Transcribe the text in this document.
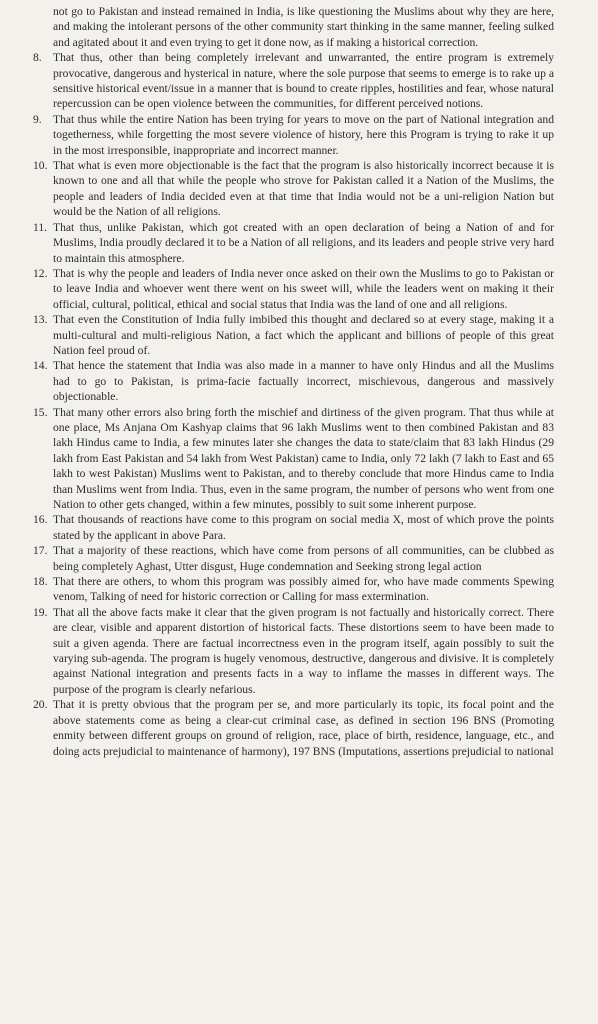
not go to Pakistan and instead remained in India, is like questioning the Muslims about why they are here, and making the intolerant persons of the other community start thinking in the same manner, feeling sulked and agitated about it and even trying to get it done now, as if making a historical correction.

8. That thus, other than being completely irrelevant and unwarranted, the entire program is extremely provocative, dangerous and hysterical in nature, where the sole purpose that seems to emerge is to rake up a sensitive historical event/issue in a manner that is bound to create ripples, hostilities and fear, whose natural repercussion can be open violence between the communities, for different perceived notions.
9. That thus while the entire Nation has been trying for years to move on the part of National integration and togetherness, while forgetting the most severe violence of history, here this Program is trying to rake it up in the most irresponsible, inappropriate and incorrect manner.
10. That what is even more objectionable is the fact that the program is also historically incorrect because it is known to one and all that while the people who strove for Pakistan called it a Nation of the Muslims, the people and leaders of India decided even at that time that India would not be a uni-religion Nation but would be the Nation of all religions.
11. That thus, unlike Pakistan, which got created with an open declaration of being a Nation of and for Muslims, India proudly declared it to be a Nation of all religions, and its leaders and people strive very hard to maintain this atmosphere.
12. That is why the people and leaders of India never once asked on their own the Muslims to go to Pakistan or to leave India and whoever went there went on his sweet will, while the leaders went on making it their official, cultural, political, ethical and social status that India was the land of one and all religions.
13. That even the Constitution of India fully imbibed this thought and declared so at every stage, making it a multi-cultural and multi-religious Nation, a fact which the applicant and billions of people of this great Nation feel proud of.
14. That hence the statement that India was also made in a manner to have only Hindus and all the Muslims had to go to Pakistan, is prima-facie factually incorrect, mischievous, dangerous and massively objectionable.
15. That many other errors also bring forth the mischief and dirtiness of the given program. That thus while at one place, Ms Anjana Om Kashyap claims that 96 lakh Muslims went to then combined Pakistan and 83 lakh Hindus came to India, a few minutes later she changes the data to state/claim that 83 lakh Hindus (29 lakh from East Pakistan and 54 lakh from West Pakistan) came to India, only 72 lakh (7 lakh to East and 65 lakh to west Pakistan) Muslims went to Pakistan, and to thereby conclude that more Hindus came to India than Muslims went from India. Thus, even in the same program, the number of persons who went from one Nation to other gets changed, within a few minutes, possibly to suit some inherent purpose.
16. That thousands of reactions have come to this program on social media X, most of which prove the points stated by the applicant in above Para.
17. That a majority of these reactions, which have come from persons of all communities, can be clubbed as being completely Aghast, Utter disgust, Huge condemnation and Seeking strong legal action
18. That there are others, to whom this program was possibly aimed for, who have made comments Spewing venom, Talking of need for historic correction or Calling for mass extermination.
19. That all the above facts make it clear that the given program is not factually and historically correct. There are clear, visible and apparent distortion of historical facts. These distortions seem to have been made to suit a given agenda. There are factual incorrectness even in the program itself, again possibly to suit the varying sub-agenda. The program is hugely venomous, destructive, dangerous and divisive. It is completely against National integration and presents facts in a way to inflame the masses in different ways. The purpose of the program is clearly nefarious.
20. That it is pretty obvious that the program per se, and more particularly its topic, its focal point and the above statements come as being a clear-cut criminal case, as defined in section 196 BNS (Promoting enmity between different groups on ground of religion, race, place of birth, residence, language, etc., and doing acts prejudicial to maintenance of harmony), 197 BNS (Imputations, assertions prejudicial to national
